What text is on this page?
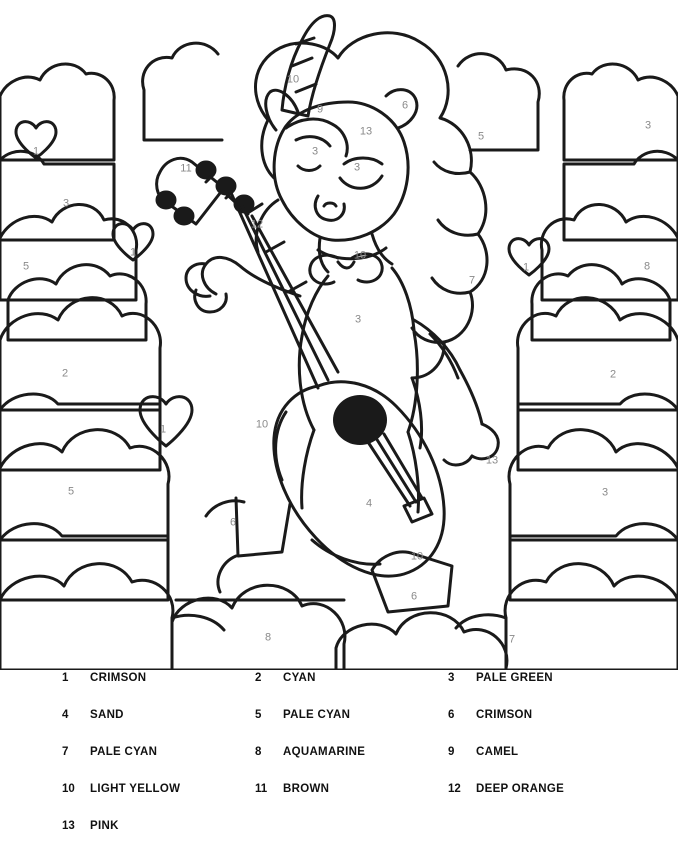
10
9	6
13
3
3
11
12
10
7
3
10
13
4
6
10
6
1
3
5
1
2
1
5
8
5
3
8
1
2
3
7
1	CRIMSON	2	CYAN	3	PALE GREEN
4	SAND	5	PALE CYAN	6	CRIMSON
7	PALE CYAN	8	AQUAMARINE	9	CAMEL
10	LIGHT YELLOW	11	BROWN	12	DEEP ORANGE
13	PINK
